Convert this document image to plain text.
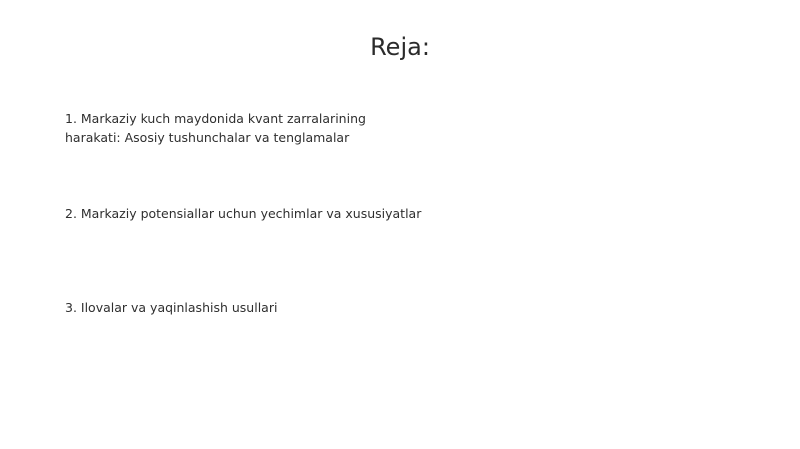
Reja:
1. Markaziy kuch maydonida kvant zarralarining
harakati: Asosiy tushunchalar va tenglamalar
2. Markaziy potensiallar uchun yechimlar va xususiyatlar
3. Ilovalar va yaqinlashish usullari
